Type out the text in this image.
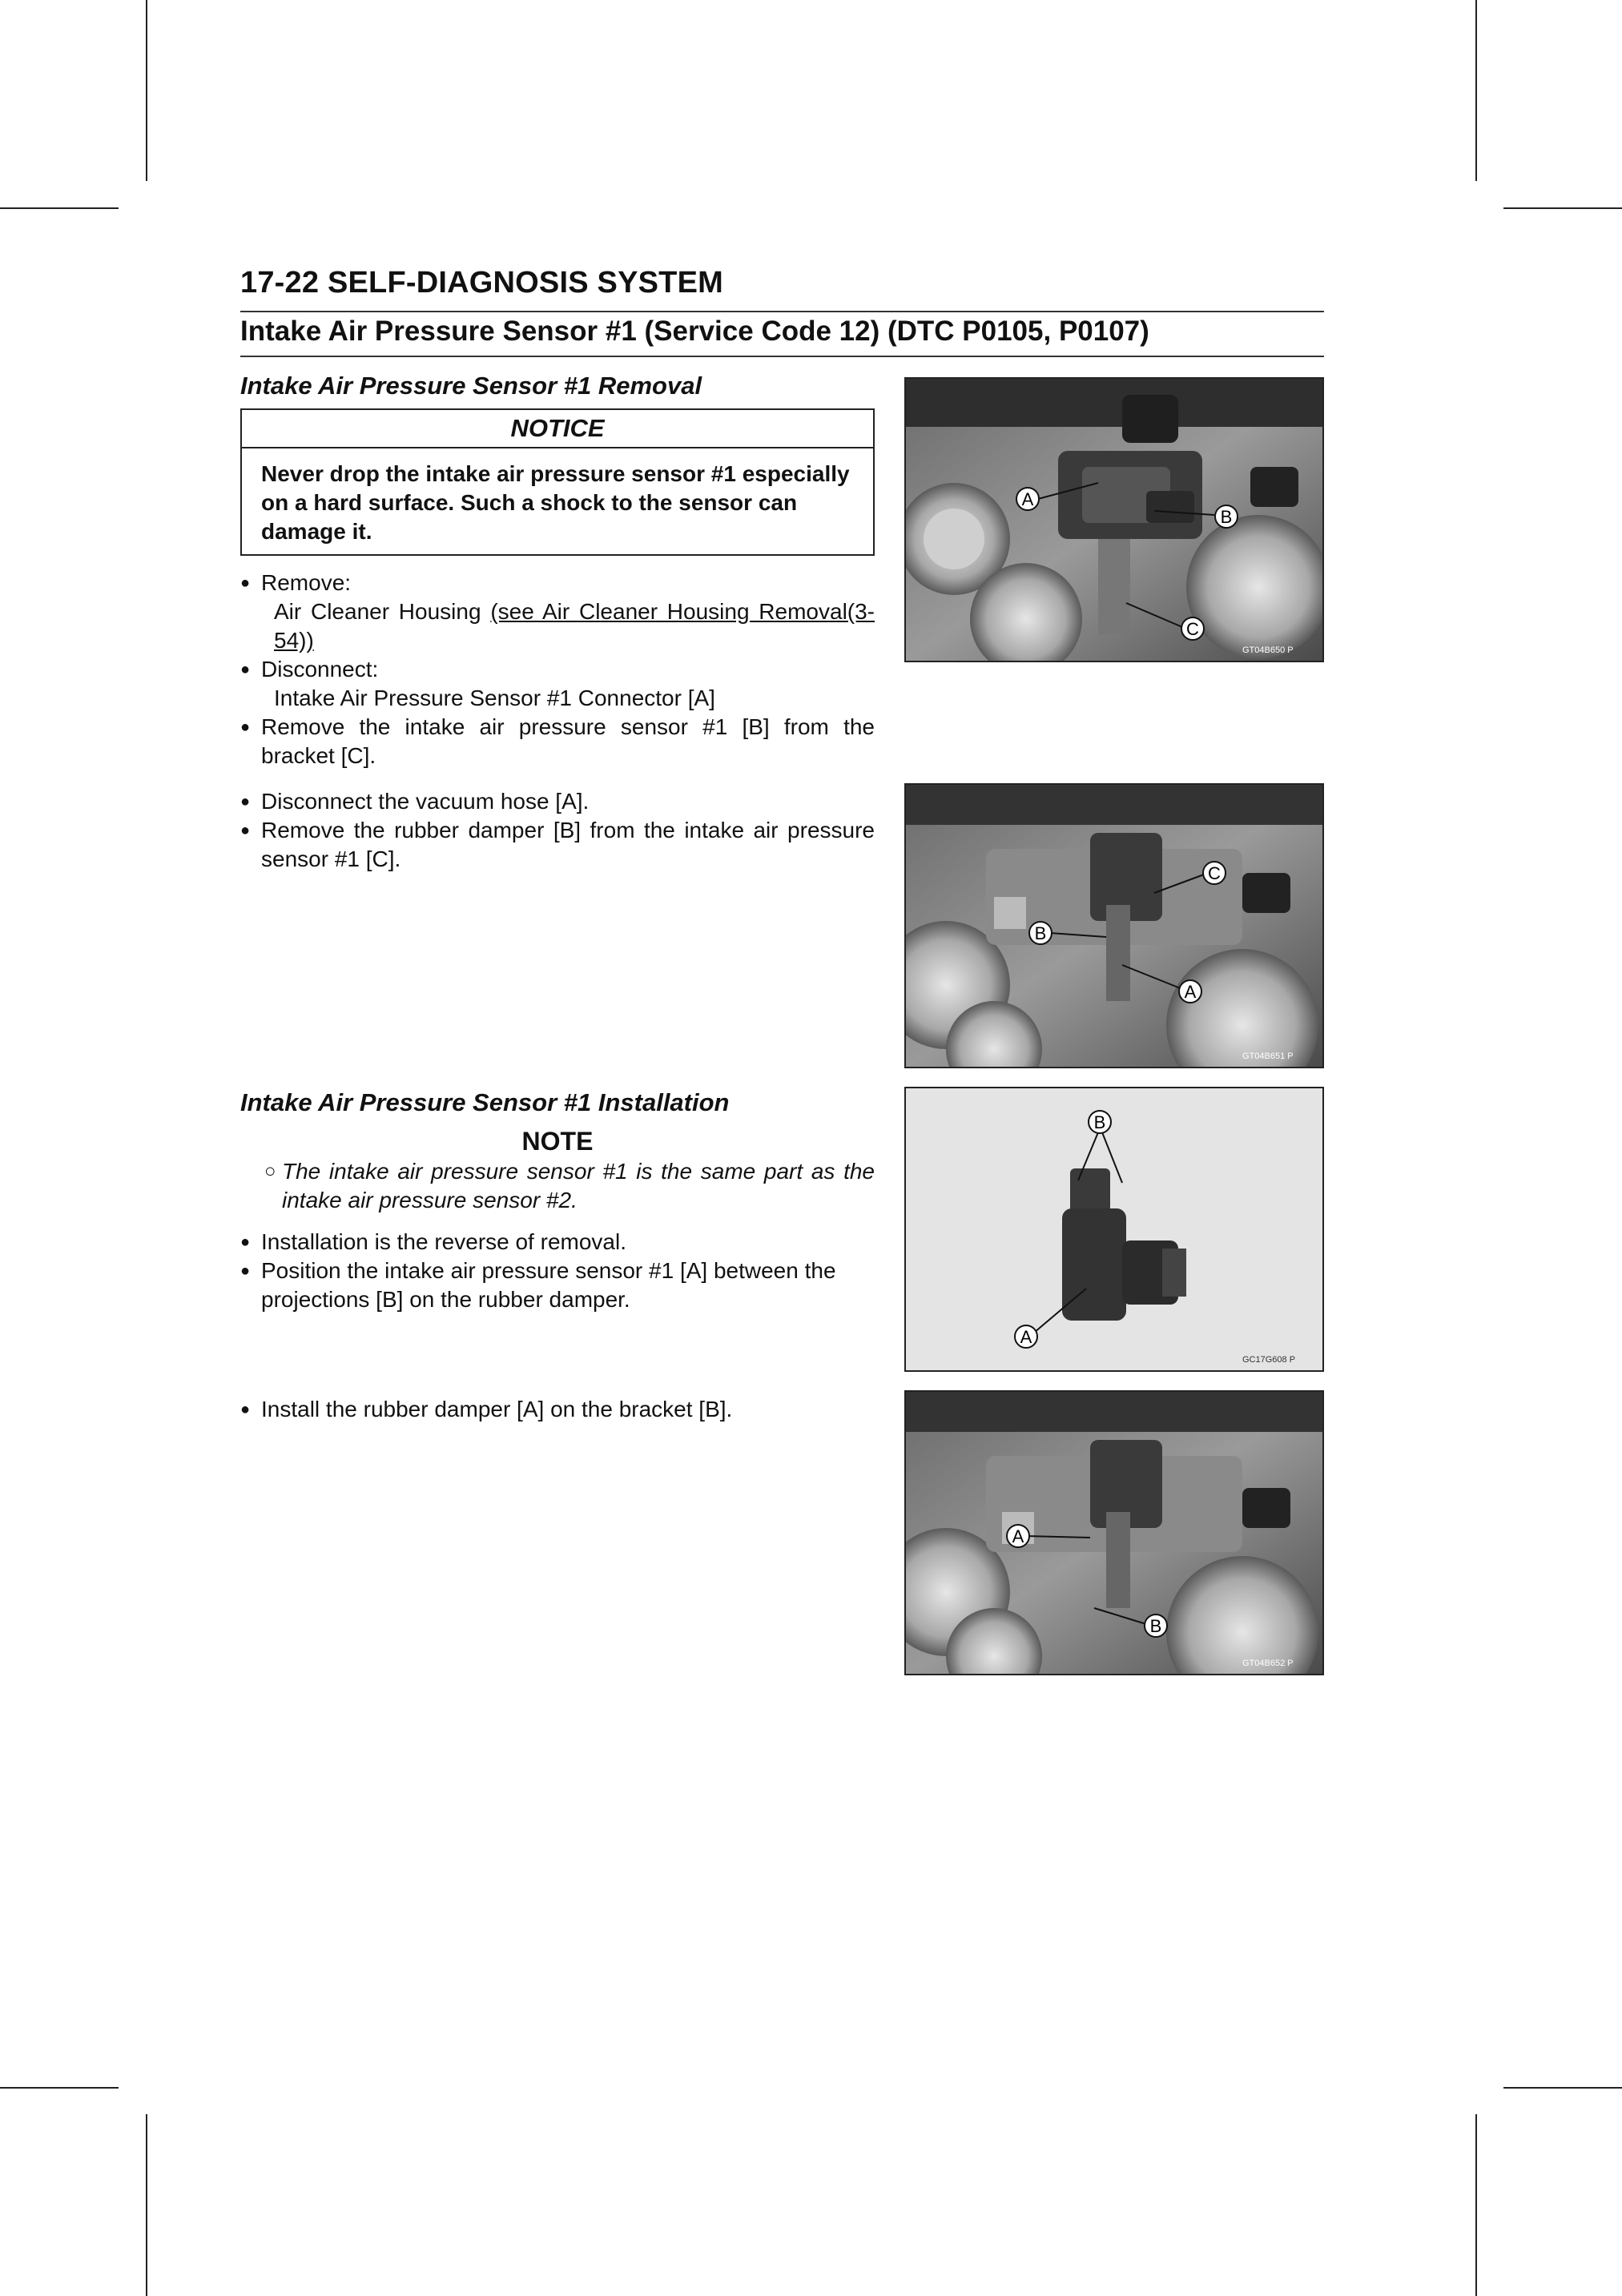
17-22 SELF-DIAGNOSIS SYSTEM
Intake Air Pressure Sensor #1 (Service Code 12) (DTC P0105, P0107)
Intake Air Pressure Sensor #1 Removal
NOTICE
Never drop the intake air pressure sensor #1 especially on a hard surface. Such a shock to the sensor can damage it.
● Remove:
Air Cleaner Housing (see Air Cleaner Housing Removal(3-54))
● Disconnect:
Intake Air Pressure Sensor #1 Connector [A]
● Remove the intake air pressure sensor #1 [B] from the bracket [C].
● Disconnect the vacuum hose [A].
● Remove the rubber damper [B] from the intake air pressure sensor #1 [C].
Intake Air Pressure Sensor #1 Installation
NOTE
○ The intake air pressure sensor #1 is the same part as the intake air pressure sensor #2.
● Installation is the reverse of removal.
● Position the intake air pressure sensor #1 [A] between the projections [B] on the rubber damper.
● Install the rubber damper [A] on the bracket [B].
A
B
C
GT04B650 P
C
B
A
GT04B651 P
B
A
GC17G608 P
A
B
GT04B652 P
